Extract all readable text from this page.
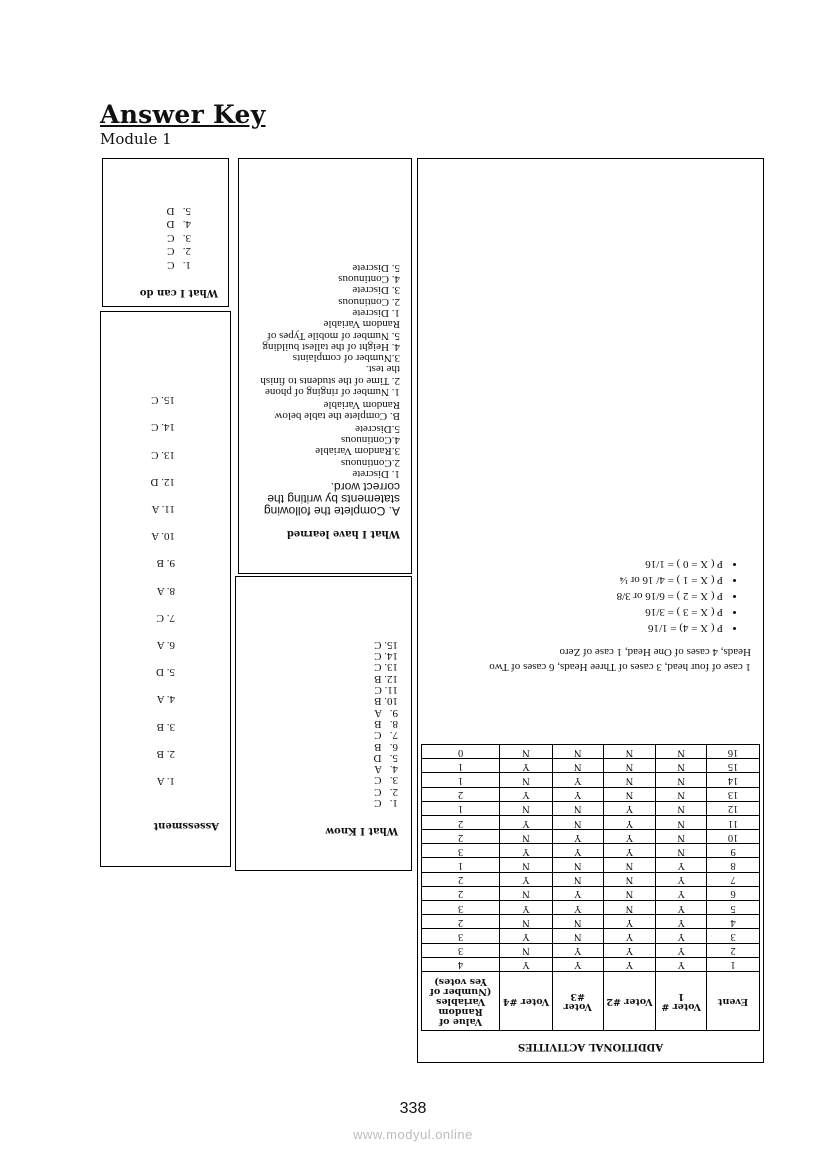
Answer Key
Module 1
What I can do
1.   C
2.   C
3.   C
4.   D
5.   D
Assessment
1. A
2. B
3. B
4. A
5. D
6. A
7. C
8. A
9. B
10. A
11. A
12. D
13. C
14. C
15. C
What I have learned
A. Complete the following statements by writing the correct word.
1. Discrete
2.Continuous
3.Random Variable
4.Continuous
5.Discrete
B. Complete the table below Random Variable
1. Number of ringing of phone
2. Time of the students to finish the test.
3.Number of complaints
4. Height of the tallest building
5. Number of mobile Types of Random Variable
1. Discrete
2. Continuous
3. Discrete
4. Continuous
5. Discrete
What I Know
1.   C
2.   C
3.   C
4.   A
5.   D
6.   B
7.   C
8.   B
9.   A
10. B
11. C
12. B
13. C
14. C
15. C
ADDITIONAL ACTIVITIES
Event	Voter # 1	Voter #2	Voter #3	Voter #4	Value of Random Variables (Number of Yes votes)
1	Y	Y	Y	Y	4
2	Y	Y	Y	N	3
3	Y	Y	N	Y	3
4	Y	Y	N	N	2
5	Y	N	Y	Y	3
6	Y	N	Y	N	2
7	Y	N	N	Y	2
8	Y	N	N	N	1
9	N	Y	Y	Y	3
10	N	Y	Y	N	2
11	N	Y	N	Y	2
12	N	Y	N	N	1
13	N	N	Y	Y	2
14	N	N	Y	N	1
15	N	N	N	Y	1
16	N	N	N	N	0
1 case of four head, 3 cases of Three Heads, 6 cases of Two Heads, 4 cases of One Head, 1 case of Zero
• P ( X = 4) = 1/16
• P ( X = 3 ) = 3/16
• P ( X = 2 ) = 6/16 or 3/8
• P ( X = 1 ) = 4/ 16 or ¼
• P ( X = 0 ) = 1/16
338
www.modyul.online
